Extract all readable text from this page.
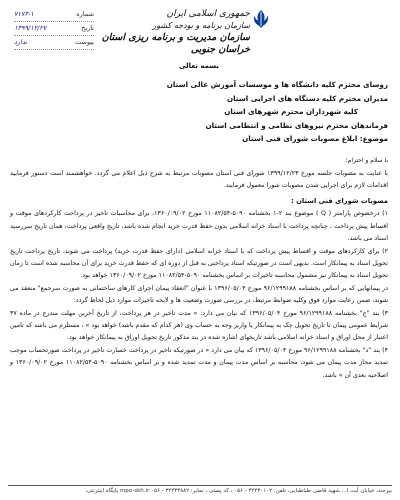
جمهوری اسلامی ایران
سازمان برنامه و بودجه کشور
سازمان مدیریت و برنامه ریزی استان خراسان جنوبی
شماره
۷۱۷۳-۱
تاریخ
۱۳۹۹/۱۲/۲۷
پیوست
ندارد
بسمه تعالی
روسای محترم کلیه دانشگاه ها و موسسات آموزش عالی استان
مدیران محترم کلیه دستگاه های اجرایی استان
کلیه شهرداران محترم شهرهای استان
فرماندهان محترم نیروهای نظامی و انتظامی استان
موضوع: ابلاغ مصوبات شورای فنی استان
با سلام و احترام؛

با عنایت به مصوبات جلسه مورخ ۱۳۹۹/۱۲/۲۳ شورای فنی استان مصوبات مرتبط به شرح ذیل اعلام می گردد. خواهشمند است دستور فرمایید اقدامات لازم برای اجرایی شدن مصوبات شورا معمول فرمایند.

مصوبات شورای فنی استان :

۱) درخصوص پارامتر ( Q ) موضوع بند ۲-۱ بخشنامه ۵۰۹۰-۱۱۰۸۲/۵۴ مورخ ۱۳۶۰/۰۹/۰۲، برای محاسبات تاخیر در پرداخت کارکردهای موقت و اقساط پیش پرداخت ، چنانچه پرداخت با اسناد خزانه اسلامی بدون حفظ قدرت خرید انجام شده باشد، تاریخ واقعی پرداخت، همان تاریخ سررسید اسناد می باشد.

۲) برای کارکردهای موقت و اقساط پیش پرداخت که با اسناد خزانه اسلامی (دارای حفظ قدرت خرید) پرداخت می شوند، تاریخ پرداخت تاریخ تحویل اسناد به پیمانکار است. بدیهی است در صورتیکه اسناد پرداختی به قبل از دوره ای که حفظ قدرت خرید برای آن محاسبه شده است تا زمان تحویل اسناد به پیمانکار نیز مشمول محاسبه تاخیرات بر اساس بخشنامه ۵۰۹۰-۱۱۰۸۲/۵۴ مورخ ۱۳۶۰/۰۹/۰۲ خواهد بود.

در پیمانهایی که بر اساس بخشنامه ۹۶/۱۲۹۹۱۸۸ مورخ ۱۳۹۶/۰۵/۰۴ با عنوان "انعقاد پیمان اجرای کارهای ساختمانی به صورت سرجمع" منعقد می شوند، ضمن رعایت موارد فوق وکلیه ضوابط مرتبط، در بررسی صورت وضعیت ها و لایحه تاخیرات موارد ذیل لحاظ گردد:

۳) بند "ج" بخشنامه ۹۶/۱۲۹۹۱۸۸ مورخ ۱۳۹۶/۰۵/۰۴ که بیان می دارد: « مدت تاخیر در هر پرداخت، از تاریخ آخرین مهلت مندرج در ماده ۳۷ شرایط عمومی پیمان تا تاریخ تحویل چک به پیمانکار یا واریز وجه به حساب وی (هر کدام که مقدم باشد) خواهد بود » ، مستلزم می باشد که تامین اعتبار از محل اوراق و اسناد خزانه اسلامی باشد تاریخهای اشاره شده در بند مذکور تاریخ تحویل اوراق به پیمانکار خواهد بود.

۴) بند "د" بخشنامه ۹۶/۱۲۹۹۱۸۸ مورخ ۱۳۹۶/۰۵/۰۴ که بیان می دارد « در صورتیکه تاخیر در پرداخت خسارت تاخیر در پرداخت صورتحساب موجب تمدید مجاز مدت پیمان می شود، محاسبه بر اساس مدت پیمان و مدت تمدید شده و بر اساس بخشنامه ۵۰۹۰-۱۱۰۸۲/۵۴ مورخ ۱۳۶۰/۰۹/۰۲ و اصلاحیه بعدی آن » باشد.

بیرجند، خیابان آیت ا... شهید قاضی طباطبایی، تلفن: ۳۲۴۳۰۱۰۲ - ۰۵۶ ، کد پستی ، نمابر: ۳۲۴۳۳۸۸۲ - ۰۵۶ mpo-skh.ir پایگاه اینترنتی:
